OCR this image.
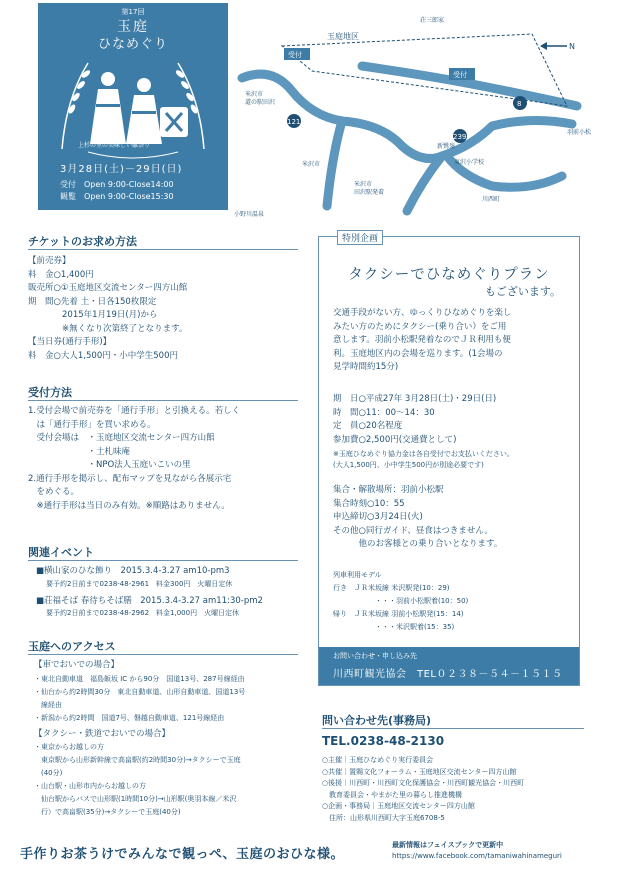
第17回
玉庭
ひなめぐり
上杉の里の美味しい雛祭り
3月28日(土)－29日(日)
受付　Open 9:00-Close14:00
観覧　Open 9:00-Close15:30
受付
受付
玉庭地区
荘三郎家
米沢市
道の駅田沢
米沢市
田沢駅発着
小野川温泉
東沢小学校
新鷺嶺
羽前小松
川西町
米沢市
121
239
8
N
チケットのお求め方法
【前売券】
料　金○1,400円
販売所○①玉庭地区交流センター四方山館
期　間○先着 土・日各150枚限定
　　　　2015年1月19日(月)から
　　　　※無くなり次第終了となります。
【当日券(通行手形)】
料　金○大人1,500円・小中学生500円
受付方法
1.受付会場で前売券を「通行手形」と引換える。若しく
　は「通行手形」を買い求める。
　受付会場は　・玉庭地区交流センター四方山館
　　　　　　　・土札味庵
　　　　　　　・NPO法人玉庭いこいの里
2.通行手形を掲示し、配布マップを見ながら各展示宅
　をめぐる。
　※通行手形は当日のみ有効。※順路はありません。
関連イベント
■横山家のひな飾り　2015.3.4-3.27 am10-pm3
要予約2日前まで0238-48-2961　料金300円　火曜日定休
■荘福そば 春待ちそば膳　2015.3.4-3.27 am11:30-pm2
要予約2日前まで0238-48-2962　料金1,000円　火曜日定休
玉庭へのアクセス
【車でおいでの場合】
・東北自動車道　福島飯坂 IC から90分　国道13号、287号線経由
・仙台から約2時間30分　東北自動車道、山形自動車道、国道13号
　線経由
・新潟から約2時間　国道7号、磐越自動車道、121号線経由
【タクシー・鉄道でおいでの場合】
・東京からお越しの方
　東京駅から山形新幹線で高畠駅(約2時間30分)→タクシーで玉庭
　(40分)
・山台駅・山形市内からお越しの方
　仙台駅からバスで山形駅(1時間10分)→山形駅(奥羽本線／米沢
　行）で高畠駅(35分)→タクシーで玉庭(40分)
特別企画
タクシーでひなめぐりプラン
もございます。
交通手段がない方、ゆっくりひなめぐりを楽し
みたい方のためにタクシー(乗り合い）をご用
意します。羽前小松駅発着なのでＪＲ利用も便
利。玉庭地区内の会場を巡ります。(1会場の
見学時間約15分)
期　日○平成27年 3月28日(土)・29日(日)
時　間○11：00～14：30
定　員○20名程度
参加費○2,500円(交通費として)
※玉庭ひなめぐり協力金は各自受付でお支払いください。
(大人1,500円、小中学生500円が別途必要です)
集合・解散場所：羽前小松駅
集合時刻○10：55
申込締切○3月24日(火)
その他○同行ガイド、昼食はつきません。
　　　他のお客様との乗り合いとなります。
列車利用モデル
行き　ＪＲ米坂線 米沢駅発(10：29)
　　　　　　・・・羽前小松駅着(10：50)
帰り　ＪＲ米坂線 羽前小松駅発(15：14)
　　　　　　・・・米沢駅着(15：35)
お問い合わせ・申し込み先
川西町観光協会　TEL０２３８－５４－１５１５
問い合わせ先(事務局)
TEL.0238-48-2130
○主催｜玉庭ひなめぐり実行委員会
○共催｜置賜文化フォーラム・玉庭地区交流センター四方山館
○後援｜川西町・川西町文化保護協会・川西町観光協会・川西町
　教育委員会・やまがた里の暮らし推進機構
○企画・事務局｜玉庭地区交流センター四方山館
　住所：山形県川西町大字玉庭6708-5
手作りお茶うけでみんなで観っぺ、玉庭のおひな様。
最新情報はフェイスブックで更新中
https://www.facebook.com/tamaniwahinameguri
